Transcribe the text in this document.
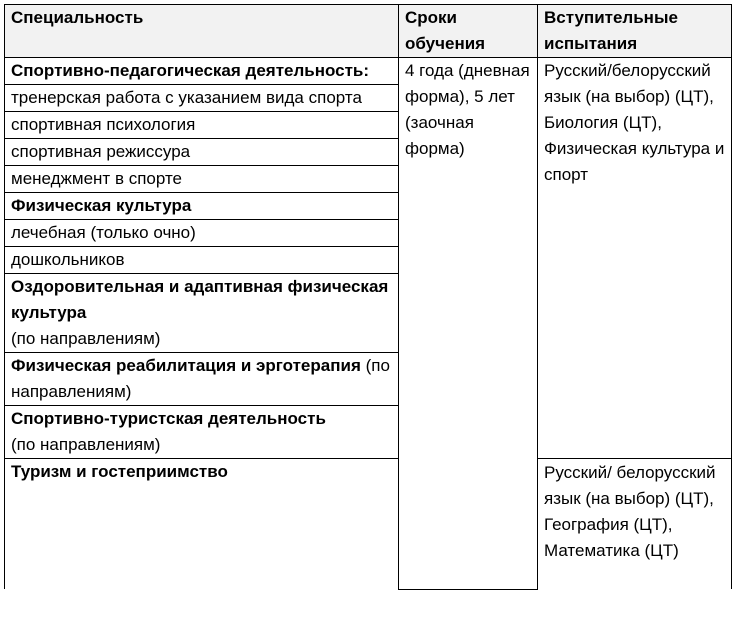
Специальность	Сроки обучения	Вступительные испытания
Спортивно-педагогическая деятельность:	4 года (дневная форма), 5 лет (заочная форма)	Русский/белорусский язык (на выбор) (ЦТ), Биология (ЦТ), Физическая культура и спорт
тренерская работа с указанием вида спорта		
спортивная психология		
спортивная режиссура		
менеджмент в спорте		
Физическая культура		
лечебная (только очно)		
дошкольников		
Оздоровительная и адаптивная физическая культура
(по направлениям)		
Физическая реабилитация и эрготерапия (по направлениям)		
Спортивно-туристская деятельность
(по направлениям)		
Туризм и гостеприимство		Русский/ белорусский язык (на выбор) (ЦТ), География (ЦТ), Математика (ЦТ)
